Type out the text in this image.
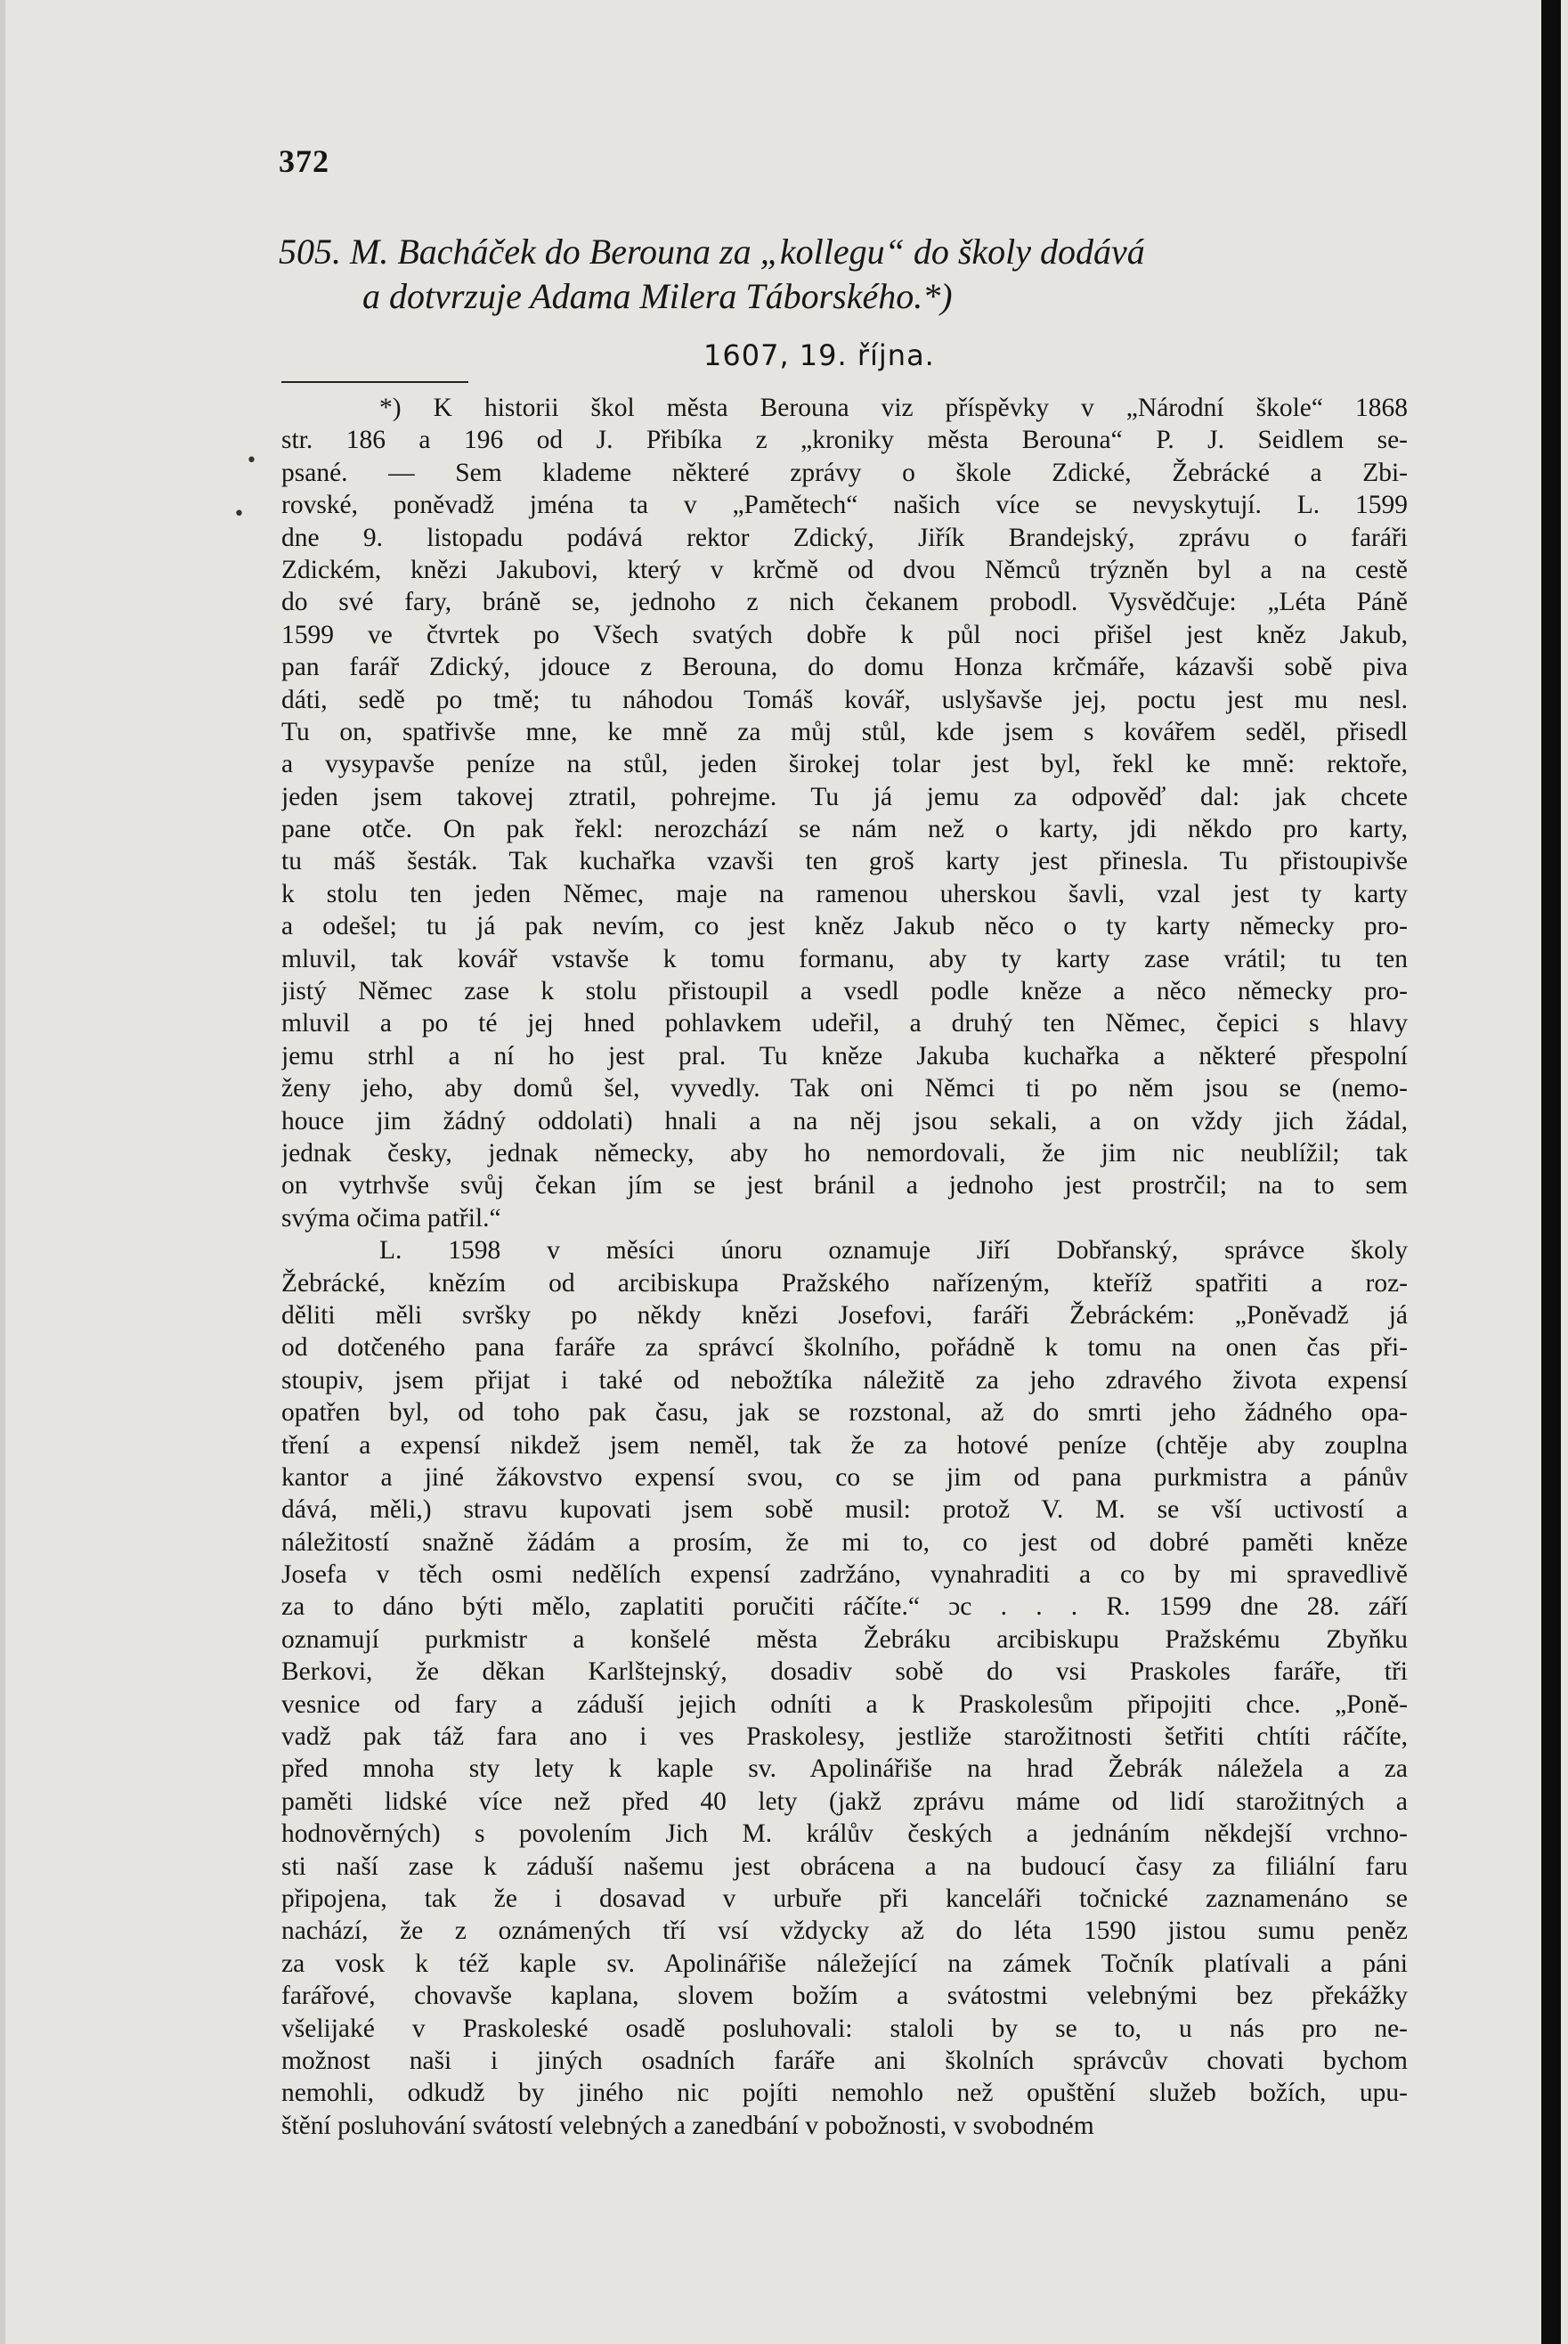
372
505. M. Bacháček do Berouna za „kollegu“ do školy dodává
a dotvrzuje Adama Milera Táborského.*)
1607, 19. října.
*) K historii škol města Berouna viz příspěvky v „Národní škole“ 1868
str. 186 a 196 od J. Přibíka z „kroniky města Berouna“ P. J. Seidlem se-
psané. — Sem klademe některé zprávy o škole Zdické, Žebrácké a Zbi-
rovské, poněvadž jména ta v „Pamětech“ našich více se nevyskytují. L. 1599
dne 9. listopadu podává rektor Zdický, Jiřík Brandejský, zprávu o faráři
Zdickém, knězi Jakubovi, který v krčmě od dvou Němců trýzněn byl a na cestě
do své fary, bráně se, jednoho z nich čekanem probodl. Vysvědčuje: „Léta Páně
1599 ve čtvrtek po Všech svatých dobře k půl noci přišel jest kněz Jakub,
pan farář Zdický, jdouce z Berouna, do domu Honza krčmáře, kázavši sobě piva
dáti, sedě po tmě; tu náhodou Tomáš kovář, uslyšavše jej, poctu jest mu nesl.
Tu on, spatřivše mne, ke mně za můj stůl, kde jsem s kovářem seděl, přisedl
a vysypavše peníze na stůl, jeden širokej tolar jest byl, řekl ke mně: rektoře,
jeden jsem takovej ztratil, pohrejme. Tu já jemu za odpověď dal: jak chcete
pane otče. On pak řekl: nerozchází se nám než o karty, jdi někdo pro karty,
tu máš šesták. Tak kuchařka vzavši ten groš karty jest přinesla. Tu přistoupivše
k stolu ten jeden Němec, maje na ramenou uherskou šavli, vzal jest ty karty
a odešel; tu já pak nevím, co jest kněz Jakub něco o ty karty německy pro-
mluvil, tak kovář vstavše k tomu formanu, aby ty karty zase vrátil; tu ten
jistý Němec zase k stolu přistoupil a vsedl podle kněze a něco německy pro-
mluvil a po té jej hned pohlavkem udeřil, a druhý ten Němec, čepici s hlavy
jemu strhl a ní ho jest pral. Tu kněze Jakuba kuchařka a některé přespolní
ženy jeho, aby domů šel, vyvedly. Tak oni Němci ti po něm jsou se (nemo-
houce jim žádný oddolati) hnali a na něj jsou sekali, a on vždy jich žádal,
jednak česky, jednak německy, aby ho nemordovali, že jim nic neublížil; tak
on vytrhvše svůj čekan jím se jest bránil a jednoho jest prostrčil; na to sem
svýma očima patřil.“
L. 1598 v měsíci únoru oznamuje Jiří Dobřanský, správce školy
Žebrácké, knězím od arcibiskupa Pražského nařízeným, kteříž spatřiti a roz-
děliti měli svršky po někdy knězi Josefovi, faráři Žebráckém: „Poněvadž já
od dotčeného pana faráře za správcí školního, pořádně k tomu na onen čas při-
stoupiv, jsem přijat i také od nebožtíka náležitě za jeho zdravého života expensí
opatřen byl, od toho pak času, jak se rozstonal, až do smrti jeho žádného opa-
tření a expensí nikdež jsem neměl, tak že za hotové peníze (chtěje aby zouplna
kantor a jiné žákovstvo expensí svou, co se jim od pana purkmistra a pánův
dává, měli,) stravu kupovati jsem sobě musil: protož V. M. se vší uctivostí a
náležitostí snažně žádám a prosím, že mi to, co jest od dobré paměti kněze
Josefa v těch osmi nedělích expensí zadržáno, vynahraditi a co by mi spravedlivě
za to dáno býti mělo, zaplatiti poručiti ráčíte.“ ɔc . . . R. 1599 dne 28. září
oznamují purkmistr a konšelé města Žebráku arcibiskupu Pražskému Zbyňku
Berkovi, že děkan Karlštejnský, dosadiv sobě do vsi Praskoles faráře, tři
vesnice od fary a záduší jejich odníti a k Praskolesům připojiti chce. „Poně-
vadž pak táž fara ano i ves Praskolesy, jestliže starožitnosti šetřiti chtíti ráčíte,
před mnoha sty lety k kaple sv. Apolinářiše na hrad Žebrák náležela a za
paměti lidské více než před 40 lety (jakž zprávu máme od lidí starožitných a
hodnověrných) s povolením Jich M. králův českých a jednáním někdejší vrchno-
sti naší zase k záduší našemu jest obrácena a na budoucí časy za filiální faru
připojena, tak že i dosavad v urbuře při kanceláři točnické zaznamenáno se
nachází, že z oznámených tří vsí vždycky až do léta 1590 jistou sumu peněz
za vosk k též kaple sv. Apolinářiše náležející na zámek Točník platívali a páni
farářové, chovavše kaplana, slovem božím a svátostmi velebnými bez překážky
všelijaké v Praskoleské osadě posluhovali: staloli by se to, u nás pro ne-
možnost naši i jiných osadních faráře ani školních správcův chovati bychom
nemohli, odkudž by jiného nic pojíti nemohlo než opuštění služeb božích, upu-
štění posluhování svátostí velebných a zanedbání v pobožnosti, v svobodném
•
•
